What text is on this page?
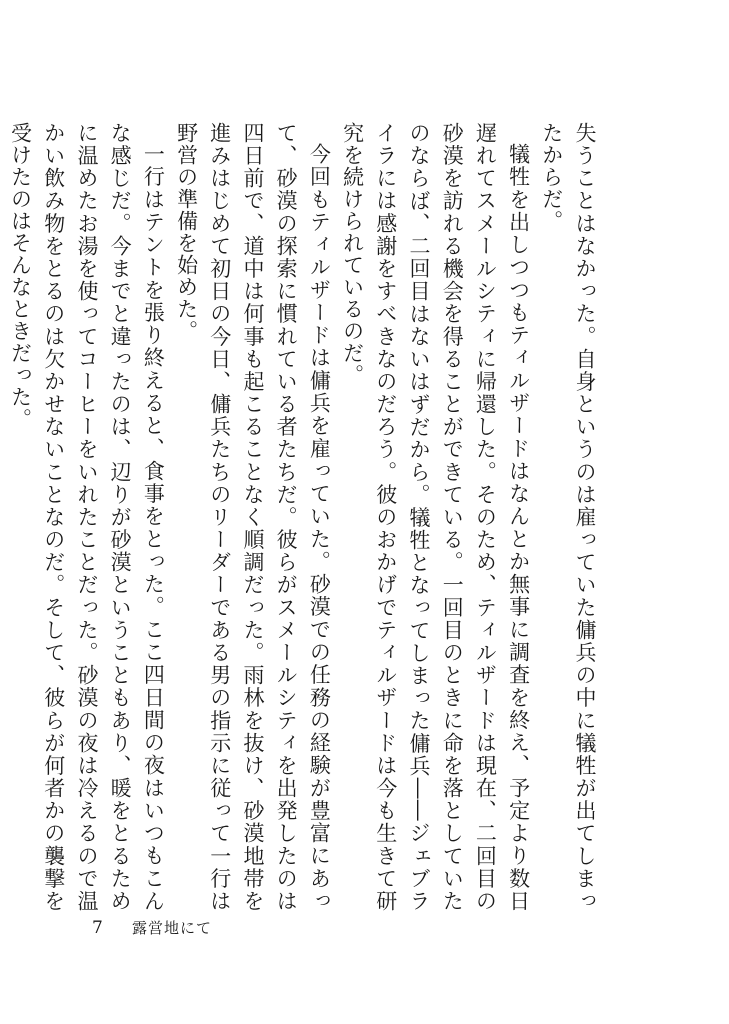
失うことはなかった。自身というのは雇っていた傭兵の中に犠牲が出てしまったからだ。

犠牲を出しつつもティルザードはなんとか無事に調査を終え、予定より数日遅れてスメールシティに帰還した。そのため、ティルザードは現在、二回目の砂漠を訪れる機会を得ることができている。一回目のときに命を落としていたのならば、二回目はないはずだから。犠牲となってしまった傭兵――ジェブライラには感謝をすべきなのだろう。彼のおかげでティルザードは今も生きて研究を続けられているのだ。

今回もティルザードは傭兵を雇っていた。砂漠での任務の経験が豊富にあって、砂漠の探索に慣れている者たちだ。彼らがスメールシティを出発したのは四日前で、道中は何事も起こることなく順調だった。雨林を抜け、砂漠地帯を進みはじめて初日の今日、傭兵たちのリーダーである男の指示に従って一行は野営の準備を始めた。

一行はテントを張り終えると、食事をとった。ここ四日間の夜はいつもこんな感じだ。今までと違ったのは、辺りが砂漠ということもあり、暖をとるために温めたお湯を使ってコーヒーをいれたことだった。砂漠の夜は冷えるので温かい飲み物をとるのは欠かせないことなのだ。そして、彼らが何者かの襲撃を受けたのはそんなときだった。

7	露営地にて
